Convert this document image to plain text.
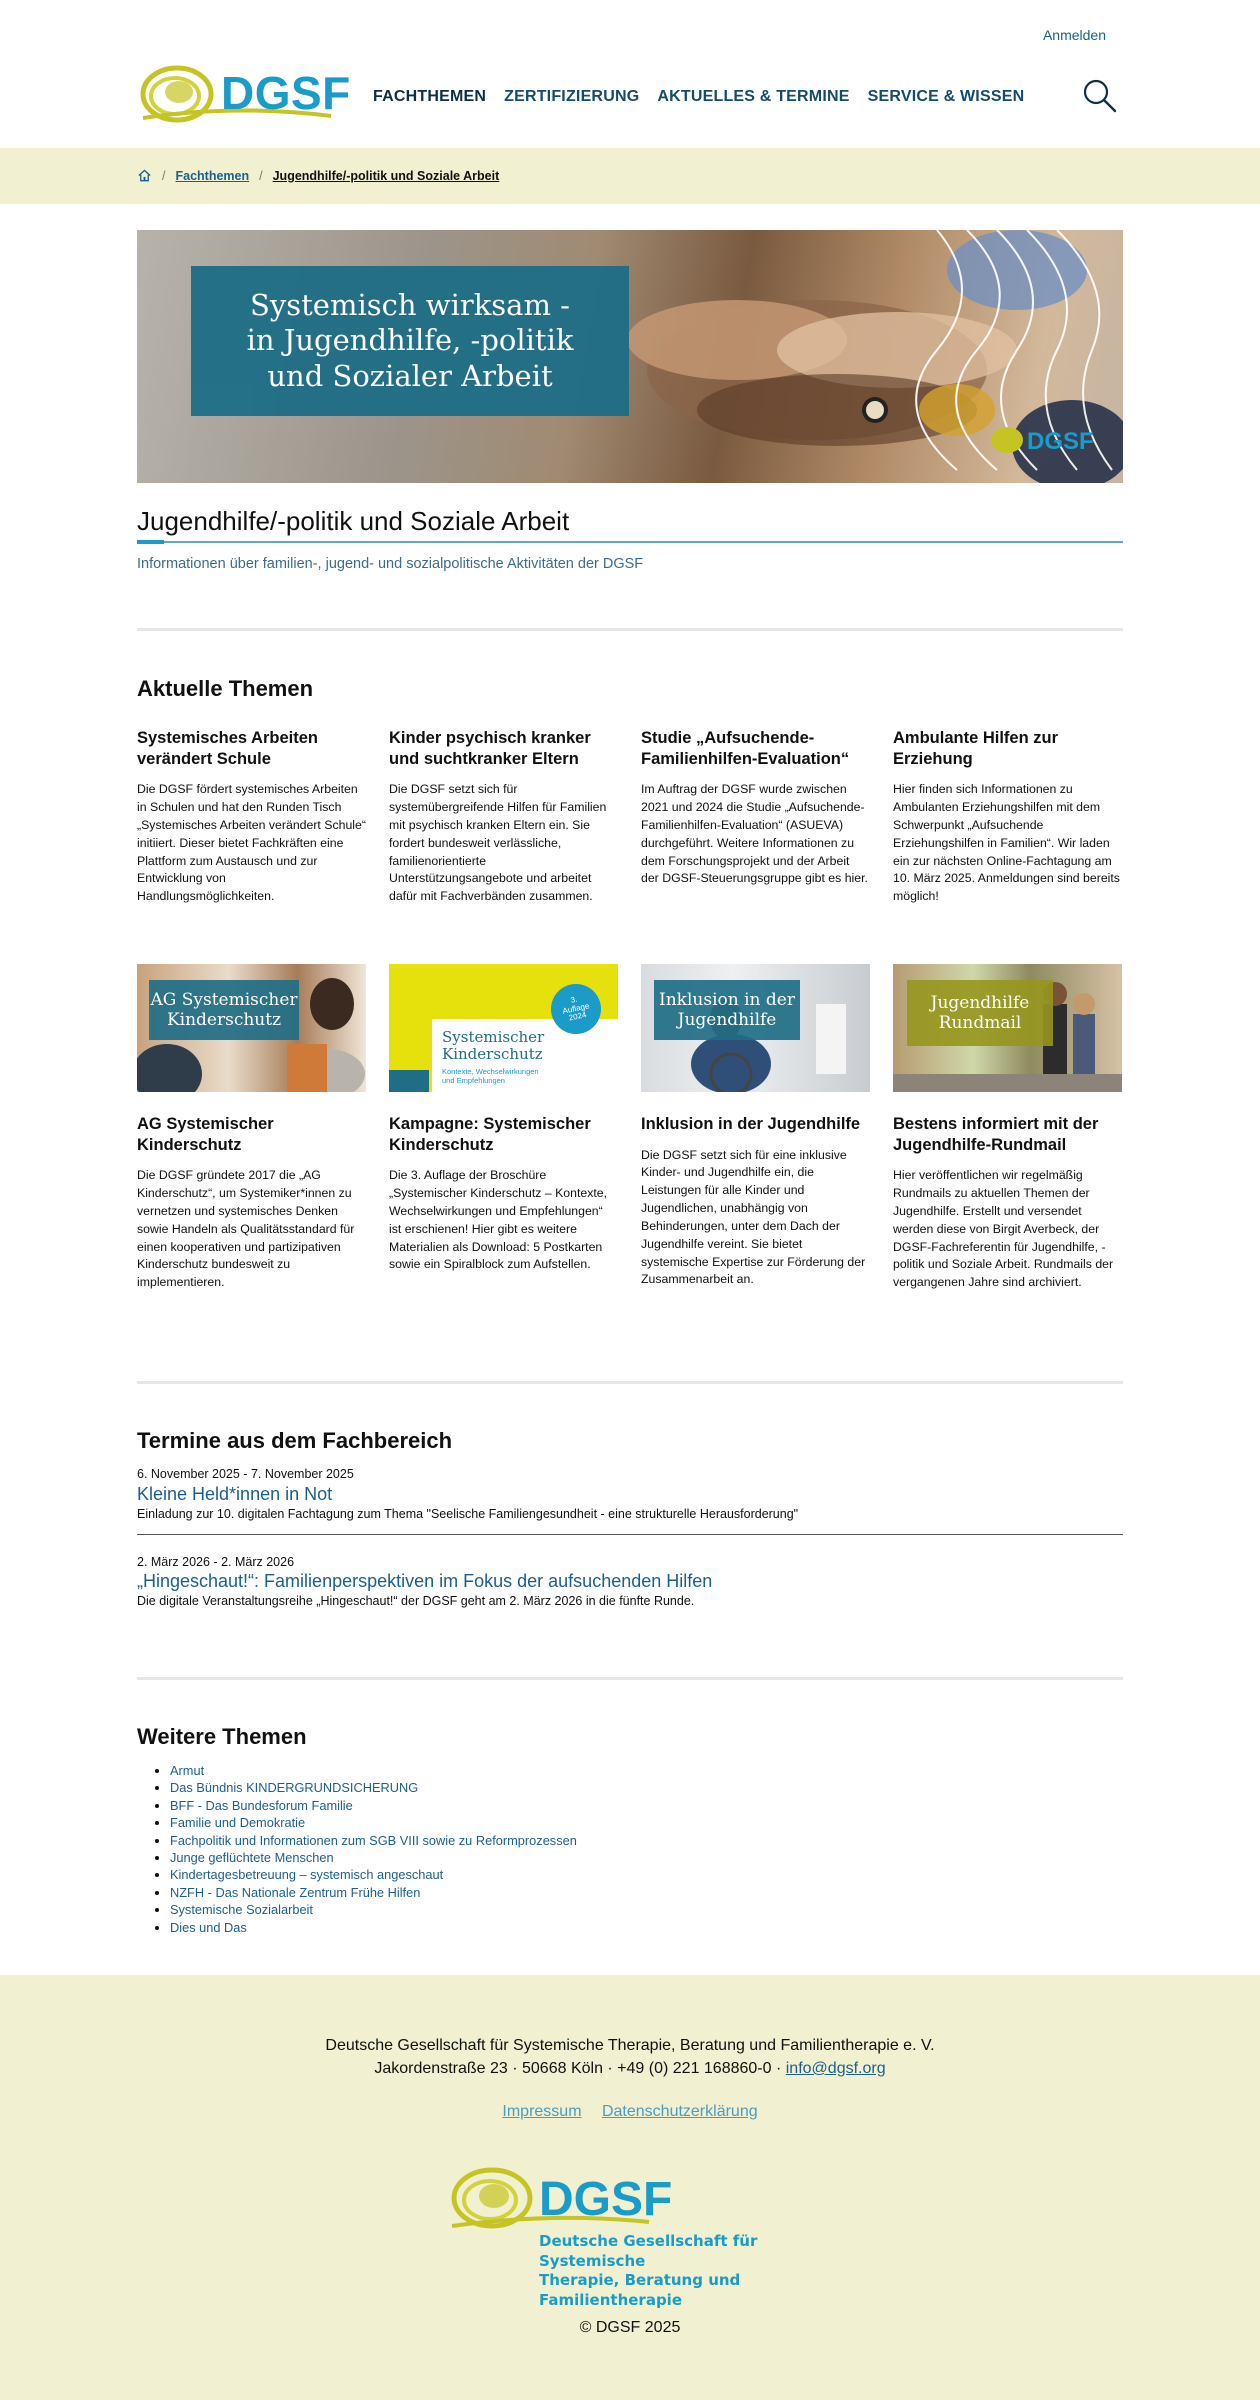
Anmelden
DGSF FACHTHEMEN ZERTIFIZIERUNG AKTUELLES & TERMINE SERVICE & WISSEN
/ Fachthemen / Jugendhilfe/-politik und Soziale Arbeit
Systemisch wirksam -
in Jugendhilfe, -politik
und Sozialer Arbeit
DGSF
Jugendhilfe/-politik und Soziale Arbeit

Informationen über familien-, jugend- und sozialpolitische Aktivitäten der DGSF

Aktuelle Themen
Systemisches Arbeiten verändert Schule
Die DGSF fördert systemisches Arbeiten in Schulen und hat den Runden Tisch „Systemisches Arbeiten verändert Schule“ initiiert. Dieser bietet Fachkräften eine Plattform zum Austausch und zur Entwicklung von Handlungsmöglichkeiten.
Kinder psychisch kranker und suchtkranker Eltern
Die DGSF setzt sich für systemübergreifende Hilfen für Familien mit psychisch kranken Eltern ein. Sie fordert bundesweit verlässliche, familienorientierte Unterstützungsangebote und arbeitet dafür mit Fachverbänden zusammen.
Studie „Aufsuchende-Familienhilfen-Evaluation“
Im Auftrag der DGSF wurde zwischen 2021 und 2024 die Studie „Aufsuchende-Familienhilfen-Evaluation“ (ASUEVA) durchgeführt. Weitere Informationen zu dem Forschungsprojekt und der Arbeit der DGSF-Steuerungsgruppe gibt es hier.
Ambulante Hilfen zur Erziehung
Hier finden sich Informationen zu Ambulanten Erziehungshilfen mit dem Schwerpunkt „Aufsuchende Erziehungshilfen in Familien“. Wir laden ein zur nächsten Online-Fachtagung am 10. März 2025. Anmeldungen sind bereits möglich!
AG Systemischer
Kinderschutz
AG Systemischer Kinderschutz
Die DGSF gründete 2017 die „AG Kinderschutz“, um Systemiker*innen zu vernetzen und systemisches Denken sowie Handeln als Qualitätsstandard für einen kooperativen und partizipativen Kinderschutz bundesweit zu implementieren.
Systemischer
Kinderschutz
Kontexte, Wechselwirkungen
und Empfehlungen
3.
Auflage
2024
Kampagne: Systemischer Kinderschutz
Die 3. Auflage der Broschüre „Systemischer Kinderschutz – Kontexte, Wechselwirkungen und Empfehlungen“ ist erschienen! Hier gibt es weitere Materialien als Download: 5 Postkarten sowie ein Spiralblock zum Aufstellen.
Inklusion in der
Jugendhilfe
Inklusion in der Jugendhilfe
Die DGSF setzt sich für eine inklusive Kinder- und Jugendhilfe ein, die Leistungen für alle Kinder und Jugendlichen, unabhängig von Behinderungen, unter dem Dach der Jugendhilfe vereint. Sie bietet systemische Expertise zur Förderung der Zusammenarbeit an.
Jugendhilfe
Rundmail
Bestens informiert mit der Jugendhilfe-Rundmail
Hier veröffentlichen wir regelmäßig Rundmails zu aktuellen Themen der Jugendhilfe. Erstellt und versendet werden diese von Birgit Averbeck, der DGSF-Fachreferentin für Jugendhilfe, -politik und Soziale Arbeit. Rundmails der vergangenen Jahre sind archiviert.
Termine aus dem Fachbereich
6. November 2025 - 7. November 2025
Kleine Held*innen in Not
Einladung zur 10. digitalen Fachtagung zum Thema "Seelische Familiengesundheit - eine strukturelle Herausforderung"
2. März 2026 - 2. März 2026
„Hingeschaut!“: Familienperspektiven im Fokus der aufsuchenden Hilfen
Die digitale Veranstaltungsreihe „Hingeschaut!“ der DGSF geht am 2. März 2026 in die fünfte Runde.
Weitere Themen
• Armut
• Das Bündnis KINDERGRUNDSICHERUNG
• BFF - Das Bundesforum Familie
• Familie und Demokratie
• Fachpolitik und Informationen zum SGB VIII sowie zu Reformprozessen
• Junge geflüchtete Menschen
• Kindertagesbetreuung – systemisch angeschaut
• NZFH - Das Nationale Zentrum Frühe Hilfen
• Systemische Sozialarbeit
• Dies und Das
Deutsche Gesellschaft für Systemische Therapie, Beratung und Familientherapie e. V.
Jakordenstraße 23 · 50668 Köln · +49 (0) 221 168860-0 · info@dgsf.org
Impressum Datenschutzerklärung
DGSF
Deutsche Gesellschaft für Systemische
Therapie, Beratung und Familientherapie
© DGSF 2025
